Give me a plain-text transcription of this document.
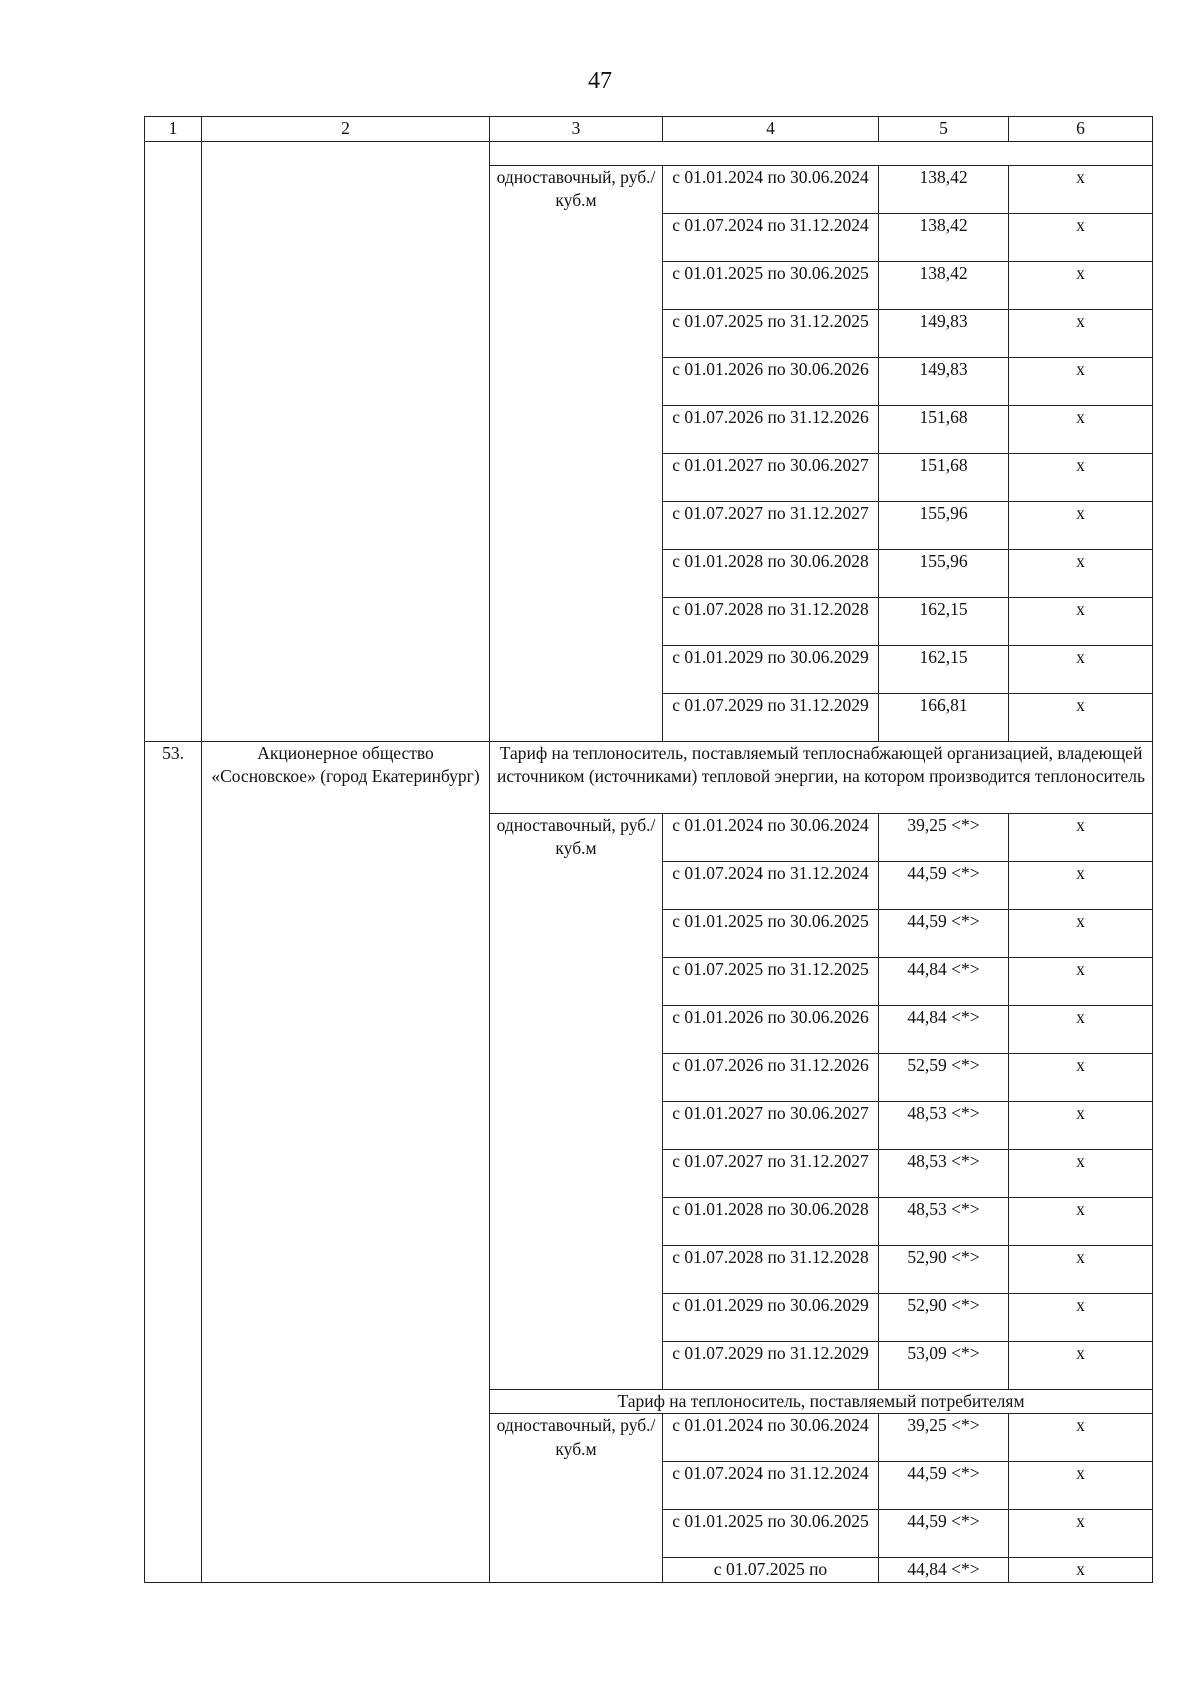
47
1	2	3	4	5	6

		одноставочный, руб./куб.м	с 01.01.2024 по 30.06.2024	138,42	х
			с 01.07.2024 по 31.12.2024	138,42	х
			с 01.01.2025 по 30.06.2025	138,42	х
			с 01.07.2025 по 31.12.2025	149,83	х
			с 01.01.2026 по 30.06.2026	149,83	х
			с 01.07.2026 по 31.12.2026	151,68	х
			с 01.01.2027 по 30.06.2027	151,68	х
			с 01.07.2027 по 31.12.2027	155,96	х
			с 01.01.2028 по 30.06.2028	155,96	х
			с 01.07.2028 по 31.12.2028	162,15	х
			с 01.01.2029 по 30.06.2029	162,15	х
			с 01.07.2029 по 31.12.2029	166,81	х
53.	Акционерное общество «Сосновское» (город Екатеринбург)	Тариф на теплоноситель, поставляемый теплоснабжающей организацией, владеющей источником (источниками) тепловой энергии, на котором производится теплоноситель			
		одноставочный, руб./куб.м	с 01.01.2024 по 30.06.2024	39,25 <*>	х
			с 01.07.2024 по 31.12.2024	44,59 <*>	х
			с 01.01.2025 по 30.06.2025	44,59 <*>	х
			с 01.07.2025 по 31.12.2025	44,84 <*>	х
			с 01.01.2026 по 30.06.2026	44,84 <*>	х
			с 01.07.2026 по 31.12.2026	52,59 <*>	х
			с 01.01.2027 по 30.06.2027	48,53 <*>	х
			с 01.07.2027 по 31.12.2027	48,53 <*>	х
			с 01.01.2028 по 30.06.2028	48,53 <*>	х
			с 01.07.2028 по 31.12.2028	52,90 <*>	х
			с 01.01.2029 по 30.06.2029	52,90 <*>	х
			с 01.07.2029 по 31.12.2029	53,09 <*>	х
		Тариф на теплоноситель, поставляемый потребителям			
		одноставочный, руб./куб.м	с 01.01.2024 по 30.06.2024	39,25 <*>	х
			с 01.07.2024 по 31.12.2024	44,59 <*>	х
			с 01.01.2025 по 30.06.2025	44,59 <*>	х
			с 01.07.2025 по	44,84 <*>	х
